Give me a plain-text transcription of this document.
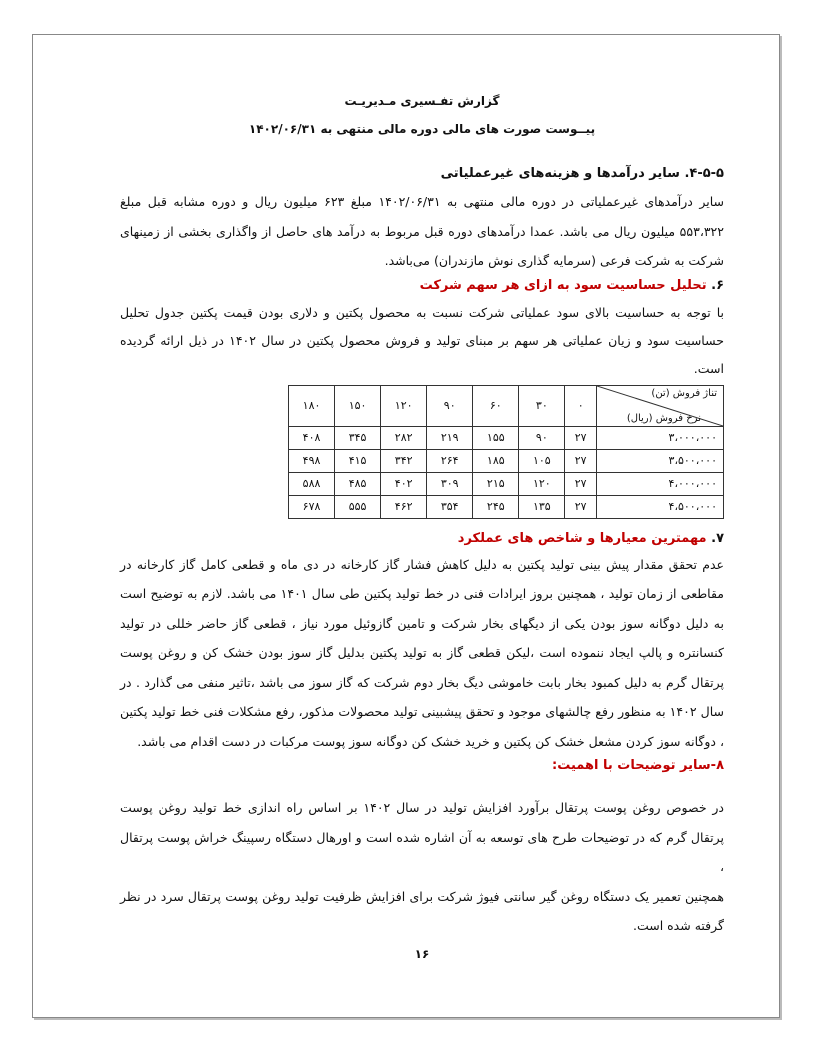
گزارش تفـسیری مـدیریـت

پیــوست صورت های مالی دوره مالی منتهی به ۱۴۰۲/۰۶/۳۱

۴-۵-۵. سایر درآمدها و هزینه‌های غیرعملیاتی

سایر درآمدهای غیرعملیاتی در دوره مالی منتهی به ۱۴۰۲/۰۶/۳۱ مبلغ ۶۲۳ میلیون ریال و دوره مشابه قبل مبلغ ۵۵۳،۳۲۲ میلیون ریال می باشد. عمدا درآمدهای دوره قبل مربوط به درآمد های حاصل از واگذاری بخشی از زمینهای شرکت به شرکت فرعی (سرمایه گذاری نوش مازندران) می‌باشد.

۶. تحلیل حساسیت سود به ازای هر سهم شرکت

با توجه به حساسیت بالای سود عملیاتی شرکت نسبت به محصول پکتین و دلاری بودن قیمت پکتین جدول تحلیل حساسیت سود و زیان عملیاتی هر سهم بر مبنای تولید و فروش محصول پکتین در سال ۱۴۰۲ در ذیل ارائه گردیده است.

۱۸۰	۱۵۰	۱۲۰	۹۰	۶۰	۳۰	۰	تناژ فروش (تن)
نرخ فروش (ریال)

۴۰۸	۳۴۵	۲۸۲	۲۱۹	۱۵۵	۹۰	۲۷	۳،۰۰۰،۰۰۰
۴۹۸	۴۱۵	۳۴۲	۲۶۴	۱۸۵	۱۰۵	۲۷	۳،۵۰۰،۰۰۰
۵۸۸	۴۸۵	۴۰۲	۳۰۹	۲۱۵	۱۲۰	۲۷	۴،۰۰۰،۰۰۰
۶۷۸	۵۵۵	۴۶۲	۳۵۴	۲۴۵	۱۳۵	۲۷	۴،۵۰۰،۰۰۰

۷. مهمترین معیارها و شاخص های عملکرد

عدم تحقق مقدار پیش بینی تولید پکتین به دلیل کاهش فشار گاز کارخانه در دی ماه و قطعی کامل گاز کارخانه در مقاطعی از زمان تولید ، همچنین بروز ایرادات فنی در خط تولید پکتین طی سال ۱۴۰۱ می باشد. لازم به توضیح است به دلیل دوگانه سوز بودن یکی از دیگهای بخار شرکت و تامین گازوئیل مورد نیاز ، قطعی گاز حاضر خللی در تولید کنسانتره و پالپ ایجاد ننموده است ،لیکن قطعی گاز به تولید پکتین بدلیل گاز سوز بودن خشک کن و روغن پوست پرتقال گرم به دلیل کمبود بخار بابت خاموشی دیگ بخار دوم شرکت که گاز سوز می باشد ،تاثیر منفی می گذارد . در سال ۱۴۰۲ به منظور رفع چالشهای موجود و تحقق پیشبینی تولید محصولات مذکور، رفع مشکلات فنی خط تولید پکتین ، دوگانه سوز کردن مشعل خشک کن پکتین و خرید خشک کن دوگانه سوز پوست مرکبات در دست اقدام می باشد.

۸-سایر توضیحات با اهمیت:

در خصوص روغن پوست پرتقال برآورد افزایش تولید در سال ۱۴۰۲ بر اساس راه اندازی خط تولید روغن پوست پرتقال گرم که در توضیحات طرح های توسعه به آن اشاره شده است و اورهال دستگاه رسپینگ خراش پوست پرتقال ،

همچنین تعمیر یک دستگاه روغن گیر سانتی فیوژ شرکت برای افزایش ظرفیت تولید روغن پوست پرتقال سرد در نظر گرفته شده است.

۱۶
